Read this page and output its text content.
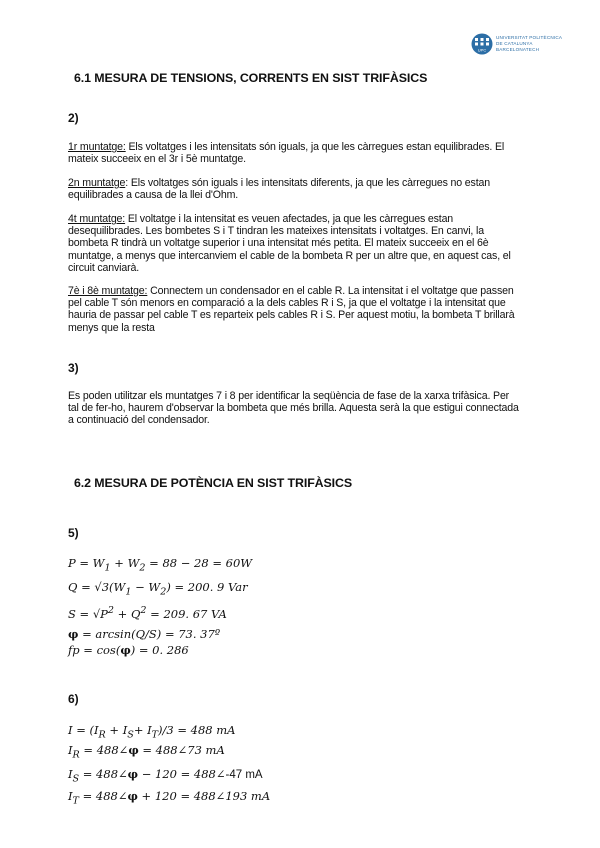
UPC
UNIVERSITAT POLITÈCNICA
DE CATALUNYA
BARCELONATECH
6.1 MESURA DE TENSIONS, CORRENTS EN SIST TRIFÀSICS
2)
1r muntatge: Els voltatges i les intensitats són iguals, ja que les càrregues estan equilibrades. El mateix succeeix en el 3r i 5è muntatge.
2n muntatge: Els voltatges són iguals i les intensitats diferents, ja que les càrregues no estan equilibrades a causa de la llei d'Ohm.
4t muntatge: El voltatge i la intensitat es veuen afectades, ja que les càrregues estan desequilibrades. Les bombetes S i T tindran les mateixes intensitats i voltatges. En canvi, la bombeta R tindrà un voltatge superior i una intensitat més petita. El mateix succeeix en el 6è muntatge, a menys que intercanviem el cable de la bombeta R per un altre que, en aquest cas, el circuit canviarà.
7è i 8è muntatge: Connectem un condensador en el cable R. La intensitat i el voltatge que passen pel cable T són menors en comparació a la dels cables R i S, ja que el voltatge i la intensitat que hauria de passar pel cable T es reparteix pels cables R i S. Per aquest motiu, la bombeta T brillarà menys que la resta
3)
Es poden utilitzar els muntatges 7 i 8 per identificar la seqüència de fase de la xarxa trifàsica. Per tal de fer-ho, haurem d'observar la bombeta que més brilla. Aquesta serà la que estigui connectada a continuació del condensador.
6.2 MESURA DE POTÈNCIA EN SIST TRIFÀSICS
5)
$P = W_1 + W_2 = 88 - 28 = 60W$
$Q = √3(W_1 - W_2) = 200$. 9 Var
$S = √P^2 + Q^2 = 209$. 67 VA
φ = arcsin(Q/S) = 73. 37º
fp = cos(φ) = 0. 286
6)
$I = (I_R + I_S+ I_T)/3 = 488$ mA
$I_R$ = 488∠φ = 488∠73 mA
$I_S$ = 488∠φ − 120 = 488∠-47 mA
$I_T$ = 488∠φ + 120 = 488∠193 mA
